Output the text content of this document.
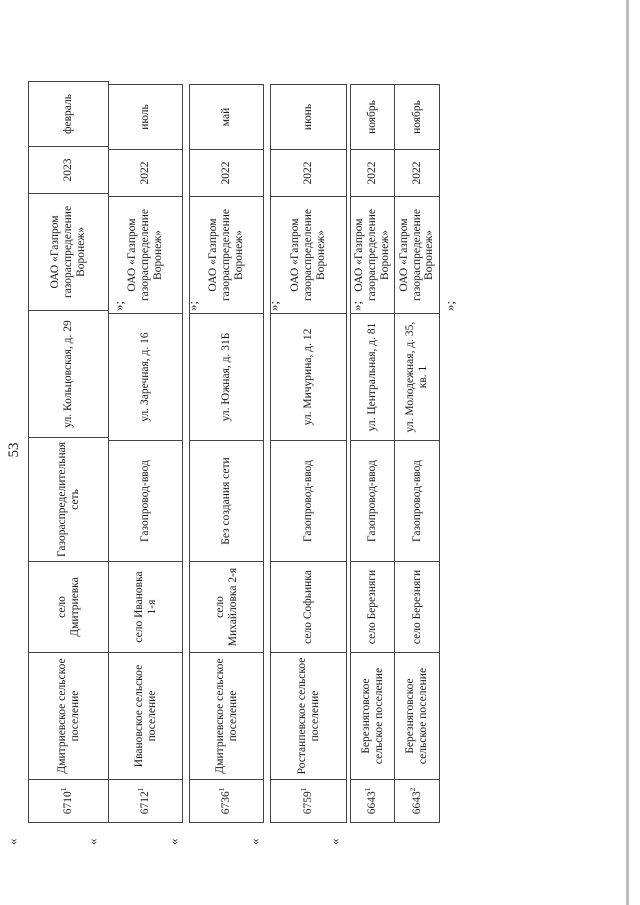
53
«
6710$^1$	Дмитриевское сельское поселение	село Дмитриевка	Газораспределительная сеть	ул. Кольцовская, д. 29	ОАО «Газпром газораспределение Воронеж»	2023	февраль
»;
«
6712$^1$	Ивановское сельское поселение	село Ивановка 1-я	Газопровод-ввод	ул. Заречная, д. 16	ОАО «Газпром газораспределение Воронеж»	2022	июль
»;
«
6736$^1$	Дмитриевское сельское поселение	село Михайловка 2-я	Без создания сети	ул. Южная, д. 31Б	ОАО «Газпром газораспределение Воронеж»	2022	май
»;
«
6759$^1$	Ростанпевское сельское поселение	село Софьинка	Газопровод-ввод	ул. Мичурина, д. 12	ОАО «Газпром газораспределение Воронеж»	2022	июнь
»;
«
6643$^1$	Березняговское сельское поселение	село Березняги	Газопровод-ввод	ул. Центральная, д. 81	ОАО «Газпром газораспределение Воронеж»	2022	ноябрь
6643$^2$	Березняговское сельское поселение	село Березняги	Газопровод-ввод	ул. Молодежная, д. 35, кв. 1	ОАО «Газпром газораспределение Воронеж»	2022	ноябрь
»;
